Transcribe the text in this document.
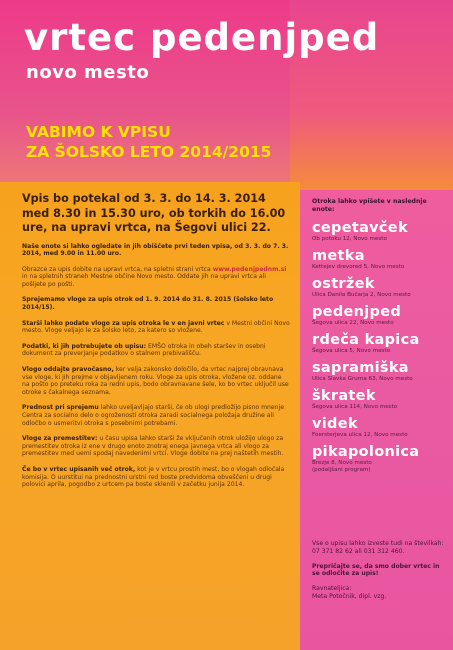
vrtec pedenjped
novo mesto
VABIMO K VPISU
ZA ŠOLSKO LETO 2014/2015
Vpis bo potekal od 3. 3. do 14. 3. 2014 med 8.30 in 15.30 uro, ob torkih do 16.00 ure, na upravi vrtca, na Šegovi ulici 22.
Naše enote si lahko ogledate in jih obiščete prvi teden vpisa, od 3. 3. do 7. 3. 2014, med 9.00 in 11.00 uro.
Obrazce za upis dobite na upravi vrtca, na spletni strani vrtca www.pedenjpednm.si in na spletnih straneh Mestne občine Novo mesto. Oddate jih na upravi vrtca ali pošljete po pošti.
Sprejemamo vloge za upis otrok od 1. 9. 2014 do 31. 8. 2015 (šolsko leto 2014/15).
Starši lahko podate vlogo za upis otroka le v en javni vrtec v Mestni občini Novo mesto. Vloge veljajo le za šolsko leto, za katero so vložene.
Podatki, ki jih potrebujete ob upisu: EMŠO otroka in obeh staršev in osebni dokument za preverjanje podatkov o stalnem prebivališču.
Vlogo oddajte pravočasno, ker velja zakonsko določilo, da vrtec najprej obravnava vse vloge, ki jih prejme v objavljenem roku. Vloge za upis otroka, vložene oz. oddane na pošto po preteku roka za redni upis, bodo obravnavane šele, ko bo vrtec uključil use otroke s čakalnega seznama.
Prednost pri sprejemu lahko uveljavljajo starši, če ob ulogi predložijo pisno mnenje Centra za socialno delo o ogroženosti otroka zaradi socialnega položaja družine ali odločbo o usmeritvi otroka s posebnimi potrebami.
Vloge za premestitev: u času upisa lahko starši že vključenih otrok uložijo ulogo za premestitev otroka iz ene v drugo enoto znotraj enega javnega vrtca ali vlogo za premestitev med uemi spodaj navedenimi vrtci. Vloge dobite na prej naštetih mestih.
Če bo v vrtec upisanih več otrok, kot je v vrtcu prostih mest, bo o vlogah odločala komisija. O uurstitui na prednostni urstni red boste predvidoma obveščeni u drugi polovici aprila, pogodbo z urtcem pa boste sklenili v začetku junija 2014.
Otroka lahko vpišete v naslednje enote:
cepetavček
Ob potoku 12, Novo mesto
metka
Kettejev drevored 5, Novo mesto
ostržek
Ulica Danila Bučarja 2, Novo mesto
pedenjped
Šegova ulica 22, Novo mesto
rdeča kapica
Šegova ulica 5, Novo mesto
sapramiška
Ulica Slavka Gruma 63, Novo mesto
škratek
Šegova ulica 114, Novo mesto
videk
Foersterjeva ulica 12, Novo mesto
pikapolonica
Brezje 8, Novo mesto
(podaljšani program)
Vse o upisu lahko izveste tudi na številkah: 07 371 82 62 ali 031 312 460.
Prepričajte se, da smo dober vrtec in se odločite za upis!
Ravnateljica:
Meta Potočnik, dipl. vzg.
